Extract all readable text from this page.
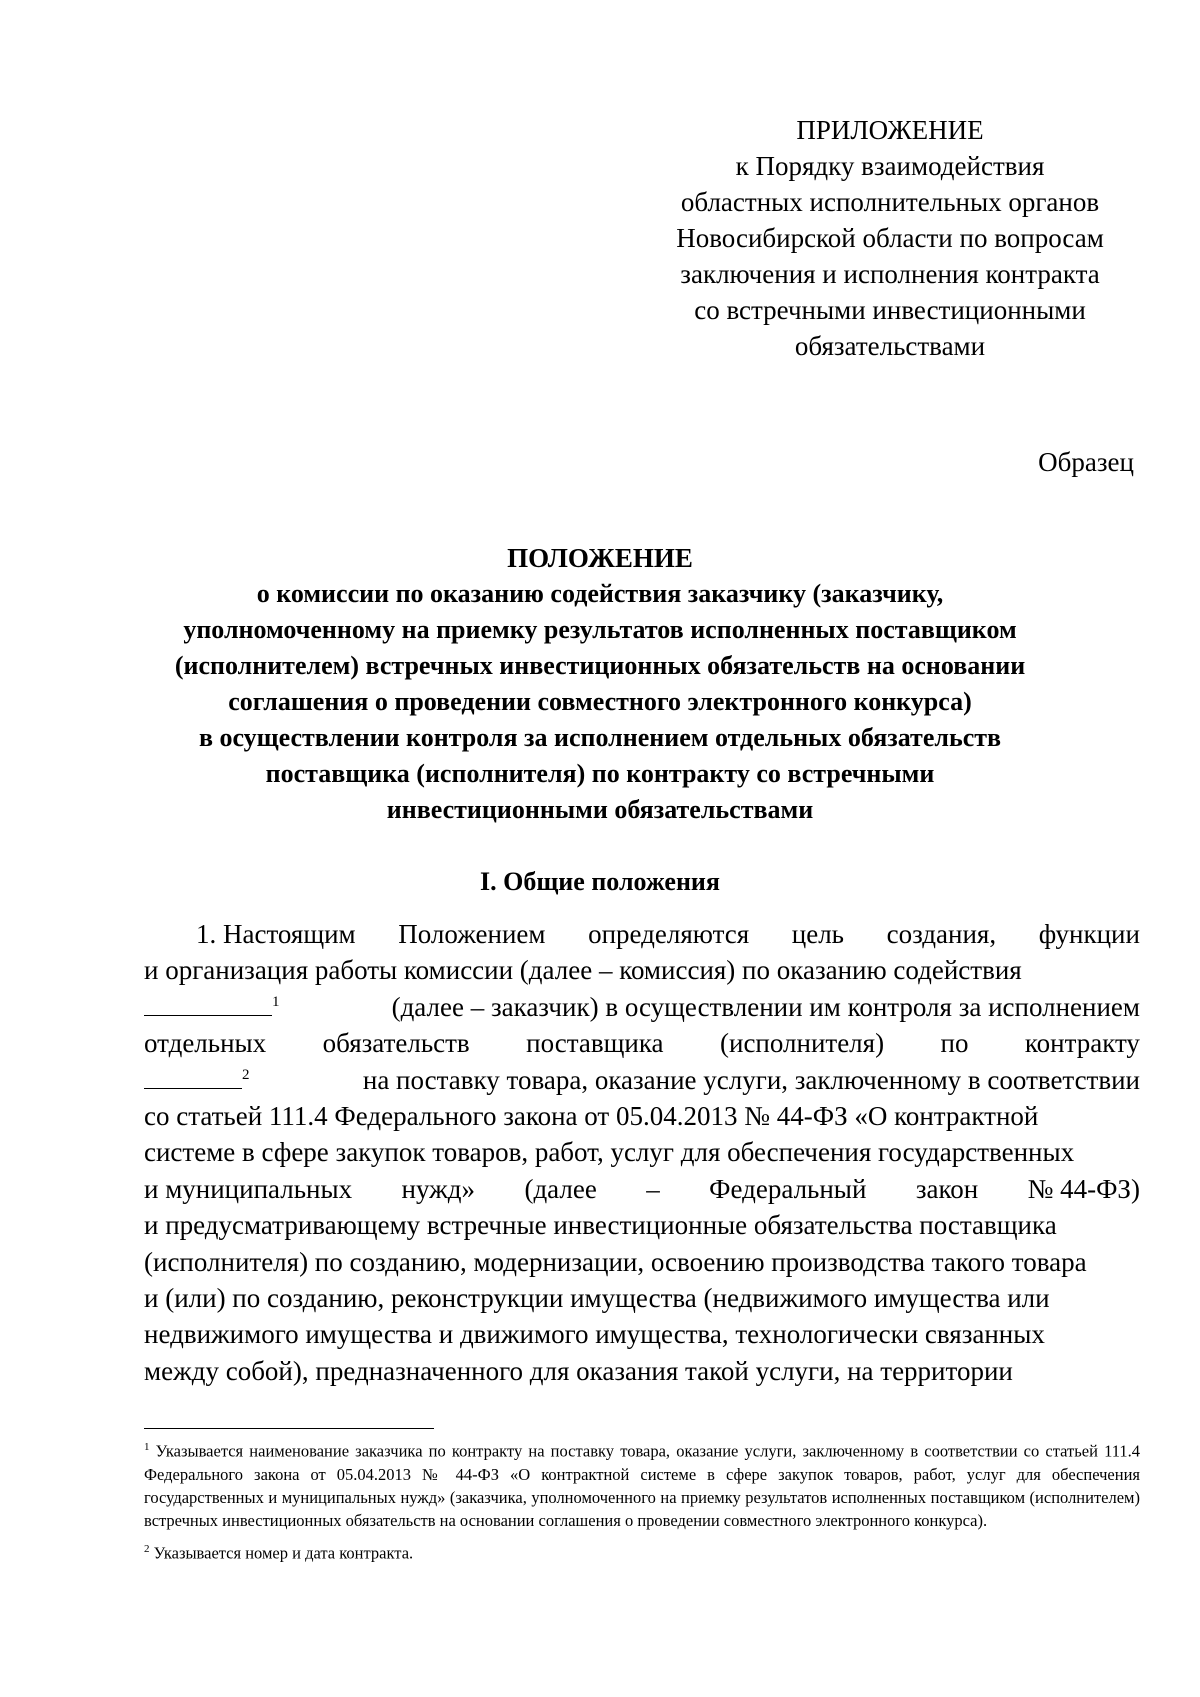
ПРИЛОЖЕНИЕ
к Порядку взаимодействия
областных исполнительных органов
Новосибирской области по вопросам
заключения и исполнения контракта
со встречными инвестиционными
обязательствами
Образец
ПОЛОЖЕНИЕ
о комиссии по оказанию содействия заказчику (заказчику,
уполномоченному на приемку результатов исполненных поставщиком
(исполнителем) встречных инвестиционных обязательств на основании
соглашения о проведении совместного электронного конкурса)
в осуществлении контроля за исполнением отдельных обязательств
поставщика (исполнителя) по контракту со встречными
инвестиционными обязательствами
I. Общие положения
1. Настоящим Положением определяются цель создания, функции
и организация работы комиссии (далее – комиссия) по оказанию содействия
1	(далее – заказчик) в осуществлении им контроля за исполнением
отдельных обязательств поставщика (исполнителя) по контракту
2	на поставку товара, оказание услуги, заключенному в соответствии
со статьей 111.4 Федерального закона от 05.04.2013 № 44-ФЗ «О контрактной
системе в сфере закупок товаров, работ, услуг для обеспечения государственных
и муниципальных нужд» (далее – Федеральный закон № 44-ФЗ)
и предусматривающему встречные инвестиционные обязательства поставщика
(исполнителя) по созданию, модернизации, освоению производства такого товара
и (или) по созданию, реконструкции имущества (недвижимого имущества или
недвижимого имущества и движимого имущества, технологически связанных
между собой), предназначенного для оказания такой услуги, на территории
$^1$ Указывается наименование заказчика по контракту на поставку товара, оказание услуги, заключенному в соответствии со статьей 111.4 Федерального закона от 05.04.2013 № 44-ФЗ «О контрактной системе в сфере закупок товаров, работ, услуг для обеспечения государственных и муниципальных нужд» (заказчика, уполномоченного на приемку результатов исполненных поставщиком (исполнителем) встречных инвестиционных обязательств на основании соглашения о проведении совместного электронного конкурса).
$^2$ Указывается номер и дата контракта.
